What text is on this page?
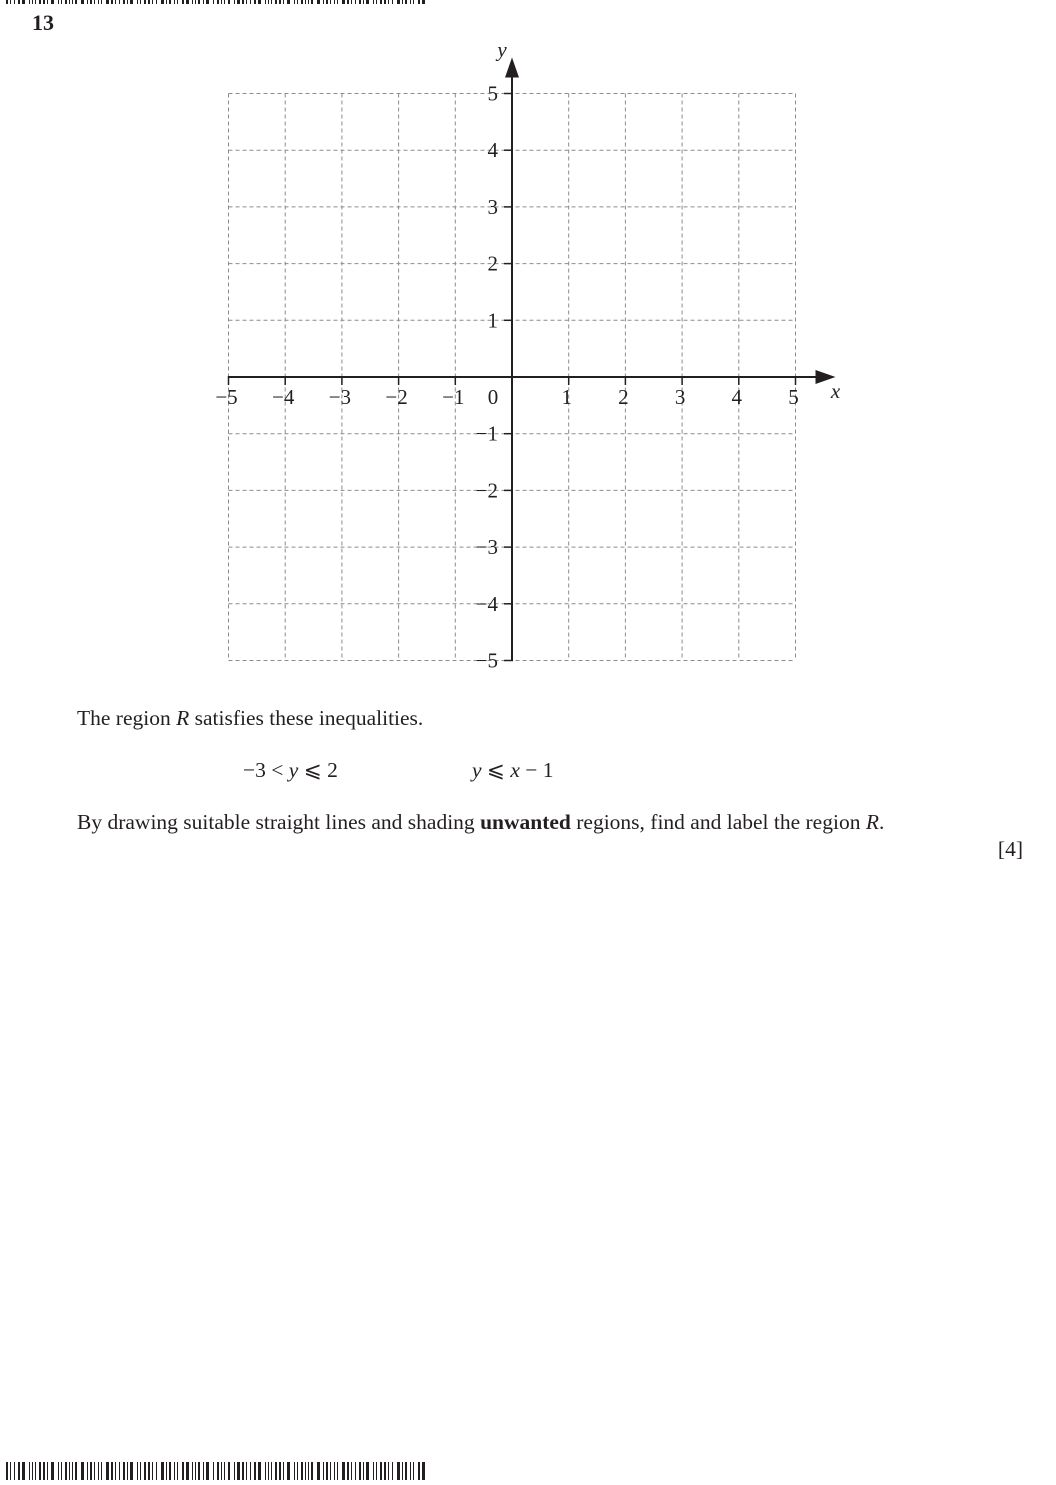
13
−5 −4 −3 −2 −1 0	1 2 3 4 5
5
4
3
2
1
−1
−2
−3
−4
−5
x
y
The region R satisfies these inequalities.
−3 < y ⩽ 2	y ⩽ x − 1
By drawing suitable straight lines and shading unwanted regions, find and label the region R.
[4]
